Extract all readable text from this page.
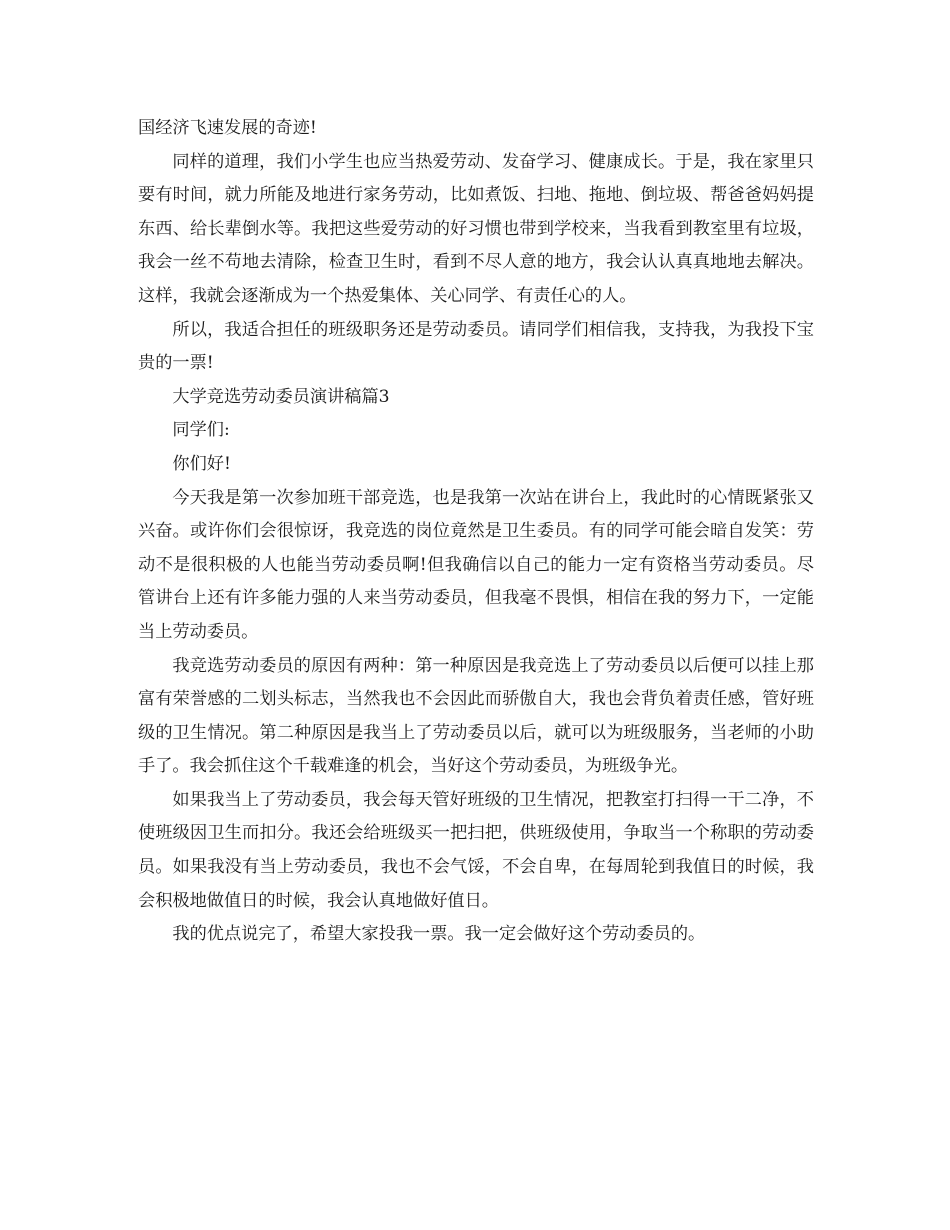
国经济飞速发展的奇迹!

同样的道理，我们小学生也应当热爱劳动、发奋学习、健康成长。于是，我在家里只要有时间，就力所能及地进行家务劳动，比如煮饭、扫地、拖地、倒垃圾、帮爸爸妈妈提东西、给长辈倒水等。我把这些爱劳动的好习惯也带到学校来，当我看到教室里有垃圾，我会一丝不苟地去清除，检查卫生时，看到不尽人意的地方，我会认认真真地地去解决。这样，我就会逐渐成为一个热爱集体、关心同学、有责任心的人。

所以，我适合担任的班级职务还是劳动委员。请同学们相信我，支持我，为我投下宝贵的一票!

大学竞选劳动委员演讲稿篇3

同学们:

你们好!

今天我是第一次参加班干部竞选，也是我第一次站在讲台上，我此时的心情既紧张又兴奋。或许你们会很惊讶，我竞选的岗位竟然是卫生委员。有的同学可能会暗自发笑：劳动不是很积极的人也能当劳动委员啊!但我确信以自己的能力一定有资格当劳动委员。尽管讲台上还有许多能力强的人来当劳动委员，但我毫不畏惧，相信在我的努力下，一定能当上劳动委员。

我竞选劳动委员的原因有两种：第一种原因是我竞选上了劳动委员以后便可以挂上那富有荣誉感的二划头标志，当然我也不会因此而骄傲自大，我也会背负着责任感，管好班级的卫生情况。第二种原因是我当上了劳动委员以后，就可以为班级服务，当老师的小助手了。我会抓住这个千载难逢的机会，当好这个劳动委员，为班级争光。

如果我当上了劳动委员，我会每天管好班级的卫生情况，把教室打扫得一干二净，不使班级因卫生而扣分。我还会给班级买一把扫把，供班级使用，争取当一个称职的劳动委员。如果我没有当上劳动委员，我也不会气馁，不会自卑，在每周轮到我值日的时候，我会积极地做值日的时候，我会认真地做好值日。

我的优点说完了，希望大家投我一票。我一定会做好这个劳动委员的。
